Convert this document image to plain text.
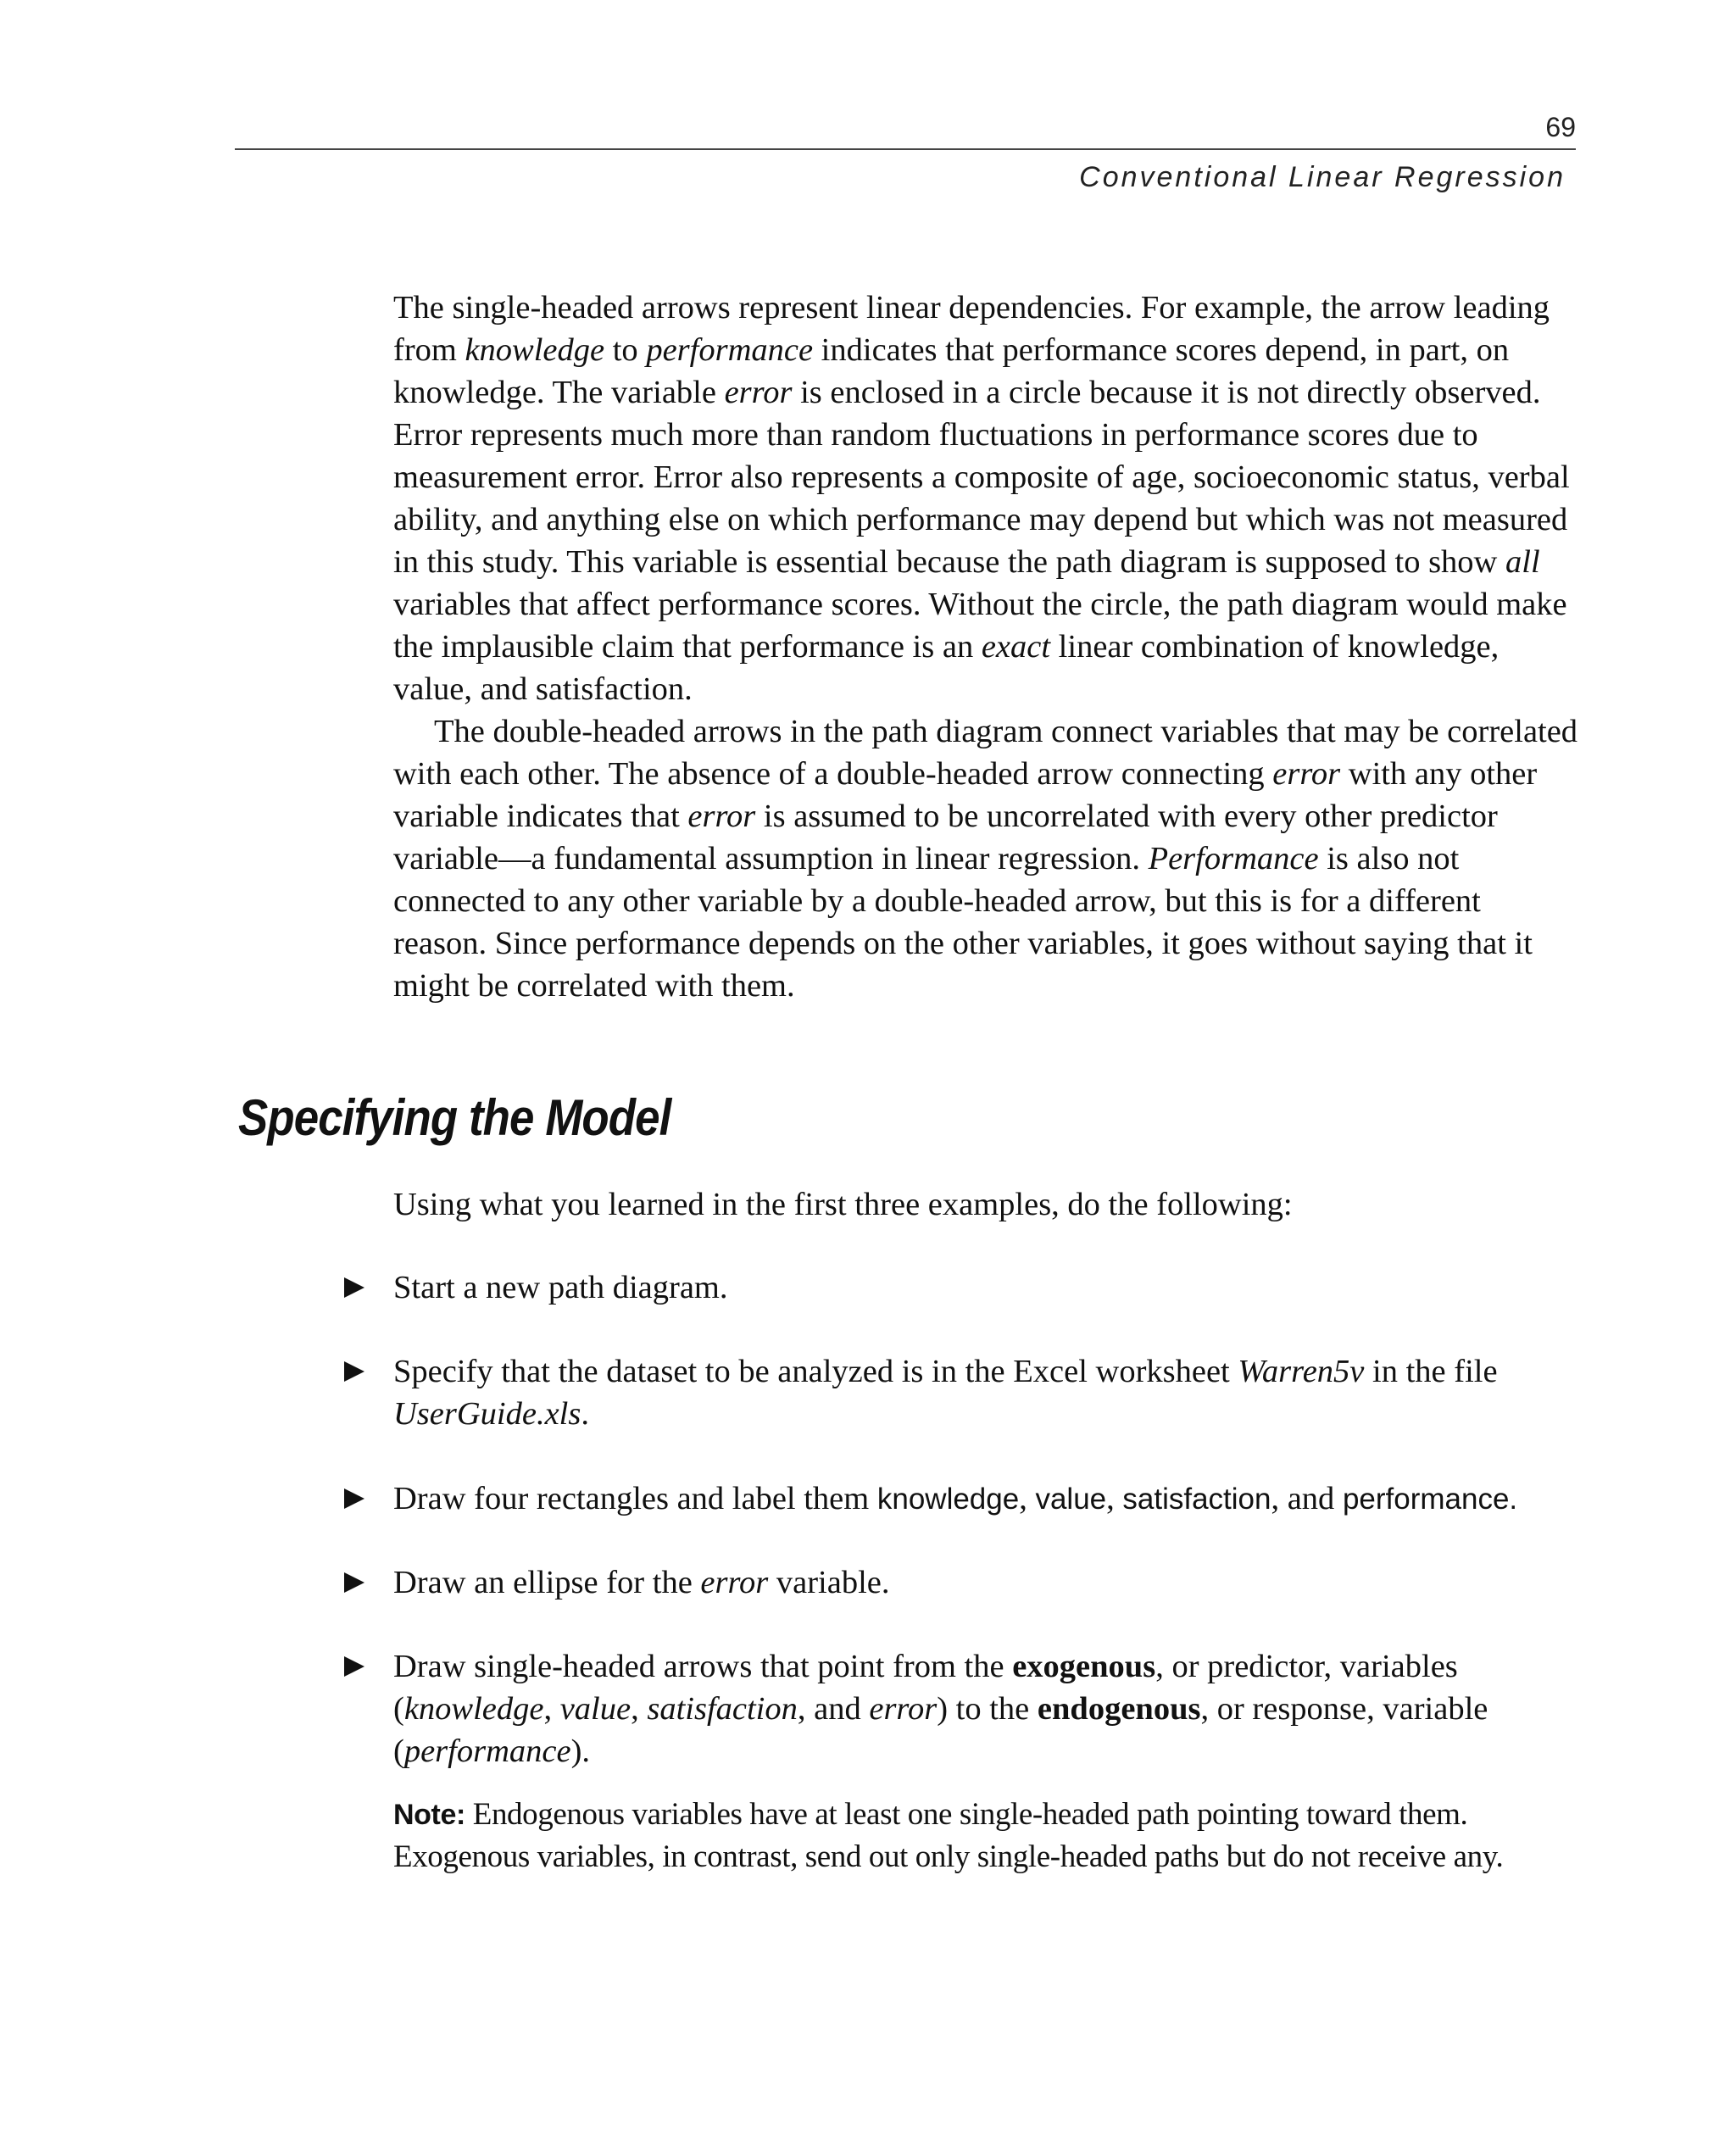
69
Conventional Linear Regression

The single-headed arrows represent linear dependencies. For example, the arrow leading from knowledge to performance indicates that performance scores depend, in part, on knowledge. The variable error is enclosed in a circle because it is not directly observed. Error represents much more than random fluctuations in performance scores due to measurement error. Error also represents a composite of age, socioeconomic status, verbal ability, and anything else on which performance may depend but which was not measured in this study. This variable is essential because the path diagram is supposed to show all variables that affect performance scores. Without the circle, the path diagram would make the implausible claim that performance is an exact linear combination of knowledge, value, and satisfaction.

The double-headed arrows in the path diagram connect variables that may be correlated with each other. The absence of a double-headed arrow connecting error with any other variable indicates that error is assumed to be uncorrelated with every other predictor variable—a fundamental assumption in linear regression. Performance is also not connected to any other variable by a double-headed arrow, but this is for a different reason. Since performance depends on the other variables, it goes without saying that it might be correlated with them.

Specifying the Model

Using what you learned in the first three examples, do the following:

Start a new path diagram.
Specify that the dataset to be analyzed is in the Excel worksheet Warren5v in the file UserGuide.xls.
Draw four rectangles and label them knowledge, value, satisfaction, and performance.
Draw an ellipse for the error variable.
Draw single-headed arrows that point from the exogenous, or predictor, variables (knowledge, value, satisfaction, and error) to the endogenous, or response, variable (performance).

Note: Endogenous variables have at least one single-headed path pointing toward them. Exogenous variables, in contrast, send out only single-headed paths but do not receive any.
